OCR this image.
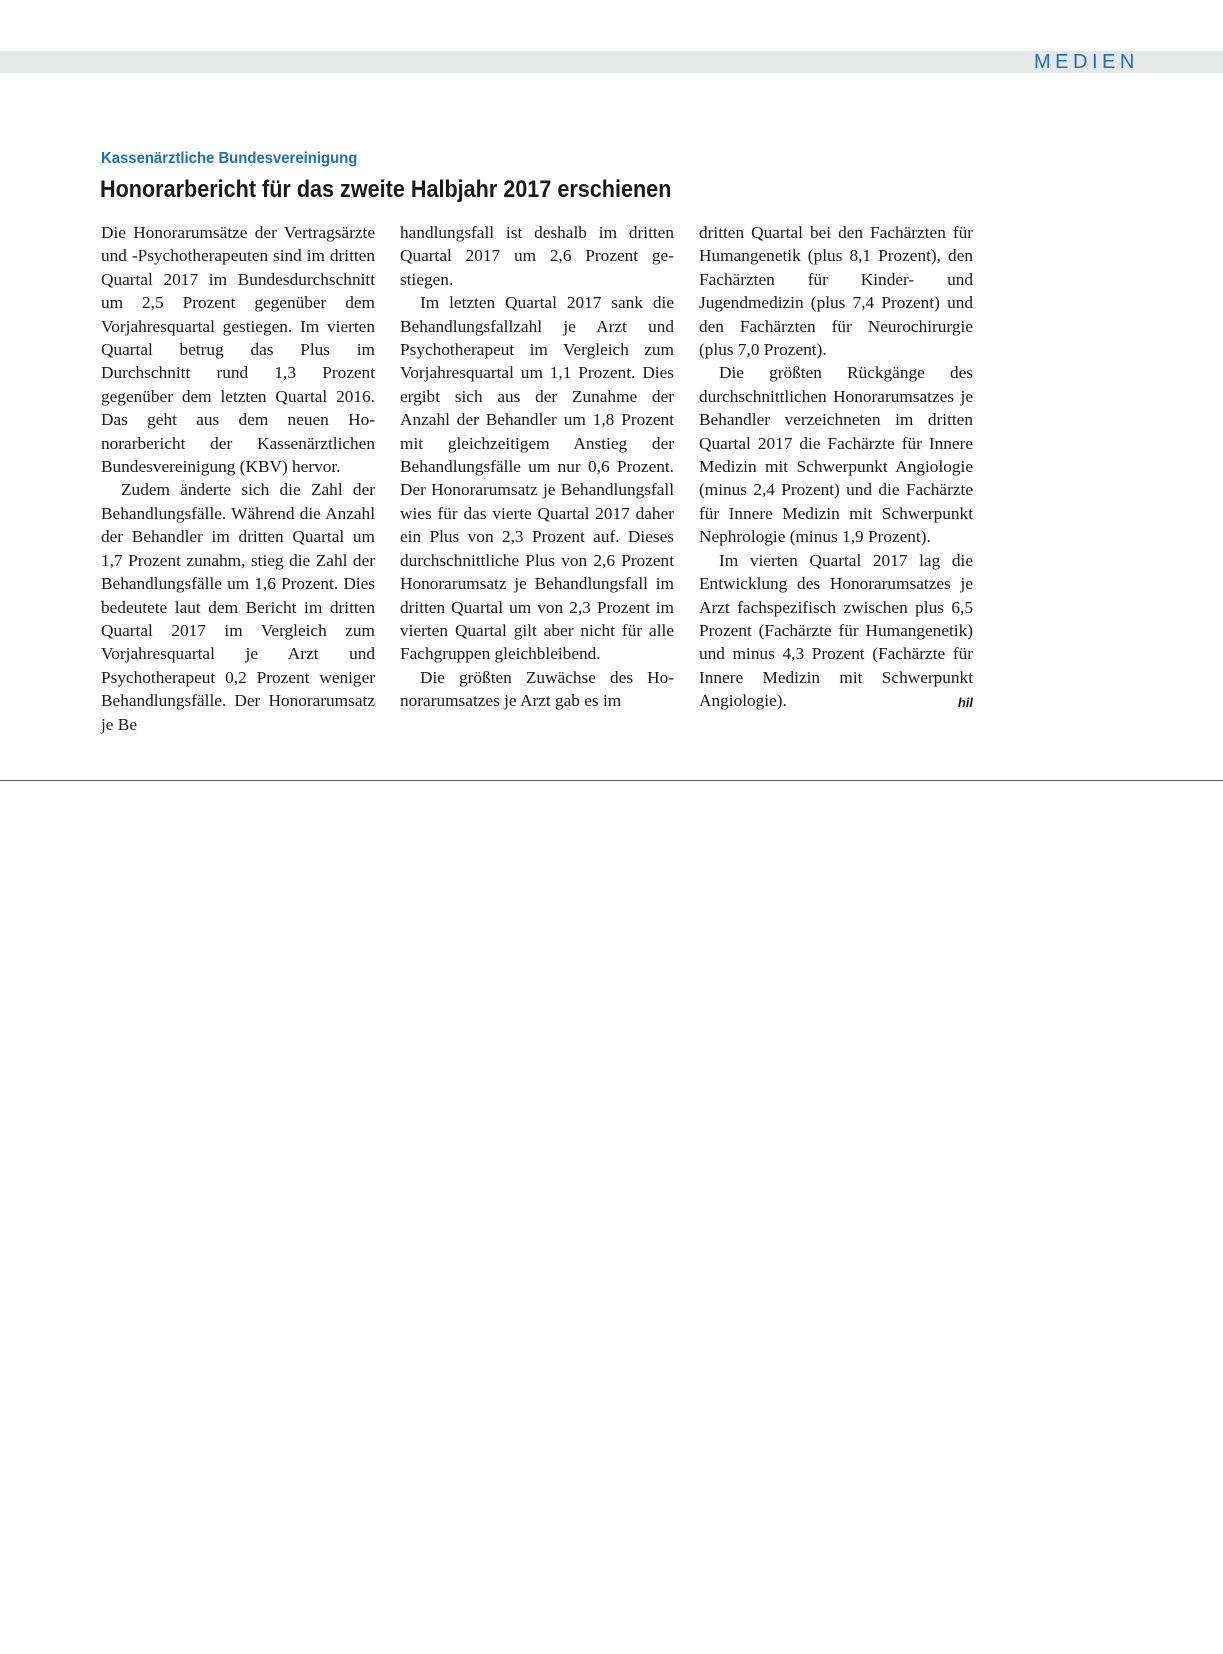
MEDIEN
Kassenärztliche Bundesvereinigung
Honorarbericht für das zweite Halbjahr 2017 erschienen

Die Honorarumsätze der Vertragsärzte und -Psychotherapeuten sind im dritten Quartal 2017 im Bundesdurchschnitt um 2,5 Prozent gegenüber dem Vorjahresquartal gestiegen. Im vierten Quartal betrug das Plus im Durchschnitt rund 1,3 Prozent gegenüber dem letzten Quartal 2016. Das geht aus dem neuen Honorarbericht der Kassenärztlichen Bundesvereinigung (KBV) hervor.

Zudem änderte sich die Zahl der Behandlungsfälle. Während die Anzahl der Behandler im dritten Quartal um 1,7 Prozent zunahm, stieg die Zahl der Behandlungsfälle um 1,6 Prozent. Dies bedeutete laut dem Bericht im dritten Quartal 2017 im Vergleich zum Vorjahresquartal je Arzt und Psychotherapeut 0,2 Prozent weniger Behandlungsfälle. Der Honorarumsatz je Be

handlungsfall ist deshalb im dritten Quartal 2017 um 2,6 Prozent gestiegen.

Im letzten Quartal 2017 sank die Behandlungsfallzahl je Arzt und Psychotherapeut im Vergleich zum Vorjahresquartal um 1,1 Prozent. Dies ergibt sich aus der Zunahme der Anzahl der Behandler um 1,8 Prozent mit gleichzeitigem Anstieg der Behandlungsfälle um nur 0,6 Prozent. Der Honorarumsatz je Behandlungsfall wies für das vierte Quartal 2017 daher ein Plus von 2,3 Prozent auf. Dieses durchschnittliche Plus von 2,6 Prozent Honorarumsatz je Behandlungsfall im dritten Quartal um von 2,3 Prozent im vierten Quartal gilt aber nicht für alle Fachgruppen gleichbleibend.

Die größten Zuwächse des Honorarumsatzes je Arzt gab es im

dritten Quartal bei den Fachärzten für Humangenetik (plus 8,1 Prozent), den Fachärzten für Kinder- und Jugendmedizin (plus 7,4 Prozent) und den Fachärzten für Neurochirurgie (plus 7,0 Prozent).

Die größten Rückgänge des durchschnittlichen Honorarumsatzes je Behandler verzeichneten im dritten Quartal 2017 die Fachärzte für Innere Medizin mit Schwerpunkt Angiologie (minus 2,4 Prozent) und die Fachärzte für Innere Medizin mit Schwerpunkt Nephrologie (minus 1,9 Prozent).

Im vierten Quartal 2017 lag die Entwicklung des Honorarumsatzes je Arzt fachspezifisch zwischen plus 6,5 Prozent (Fachärzte für Humangenetik) und minus 4,3 Prozent (Fachärzte für Innere Medizin mit Schwerpunkt Angiologie).	hil
